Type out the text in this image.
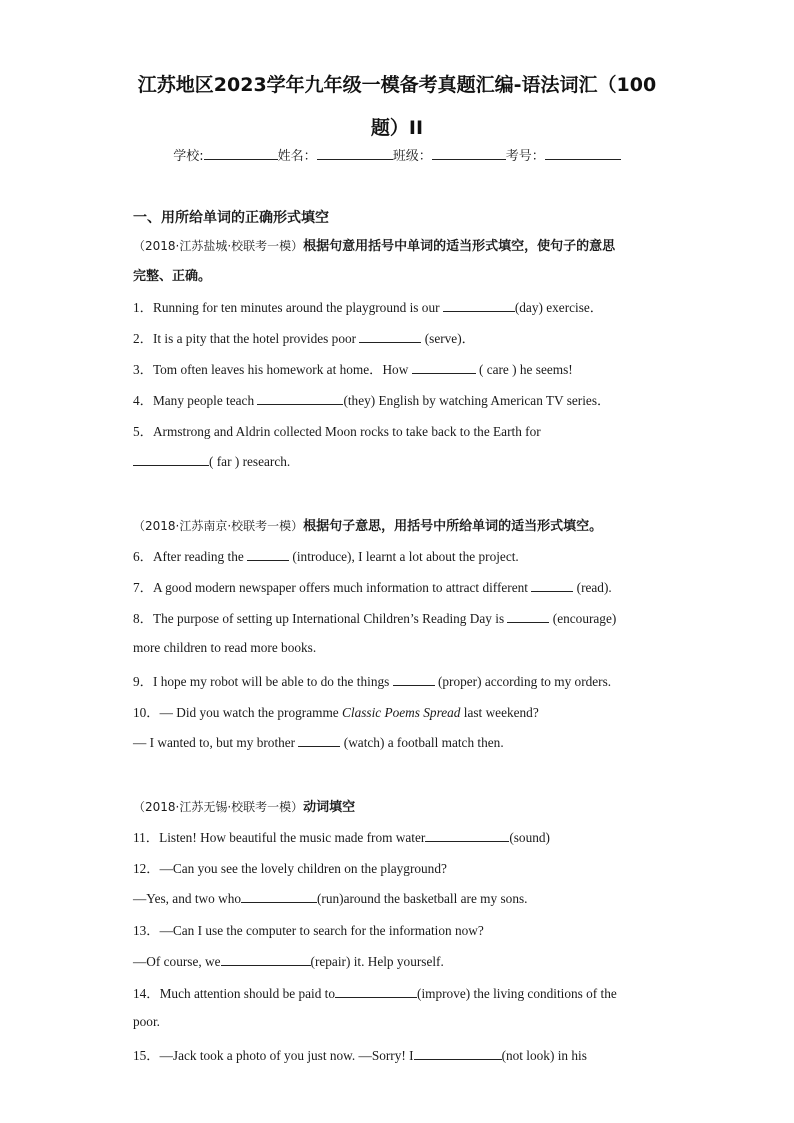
江苏地区2023学年九年级一模备考真题汇编-语法词汇（100
题）II
学校:	姓名：	班级：	考号：
一、用所给单词的正确形式填空
（2018·江苏盐城·校联考一模）根据句意用括号中单词的适当形式填空，使句子的意思
完整、正确。
1．Running for ten minutes around the playground is our	(day) exercise．
2．It is a pity that the hotel provides poor	(serve)．
3．Tom often leaves his homework at home．How	( care ) he seems!
4．Many people teach	(they) English by watching American TV series．
5．Armstrong and Aldrin collected Moon rocks to take back to the Earth for
( far ) research.
（2018·江苏南京·校联考一模）根据句子意思，用括号中所给单词的适当形式填空。
6．After reading the	(introduce), I learnt a lot about the project.
7．A good modern newspaper offers much information to attract different	(read).
8．The purpose of setting up International Children’s Reading Day is	(encourage)
more children to read more books.
9．I hope my robot will be able to do the things	(proper) according to my orders.
10．— Did you watch the programme Classic Poems Spread last weekend?
— I wanted to, but my brother	(watch) a football match then.
（2018·江苏无锡·校联考一模）动词填空
11．Listen! How beautiful the music made from water	(sound)
12．—Can you see the lovely children on the playground?
—Yes, and two who	(run)around the basketball are my sons.
13．—Can I use the computer to search for the information now?
—Of course, we	(repair) it. Help yourself.
14．Much attention should be paid to	(improve) the living conditions of the
poor.
15．—Jack took a photo of you just now. —Sorry! I	(not look) in his
